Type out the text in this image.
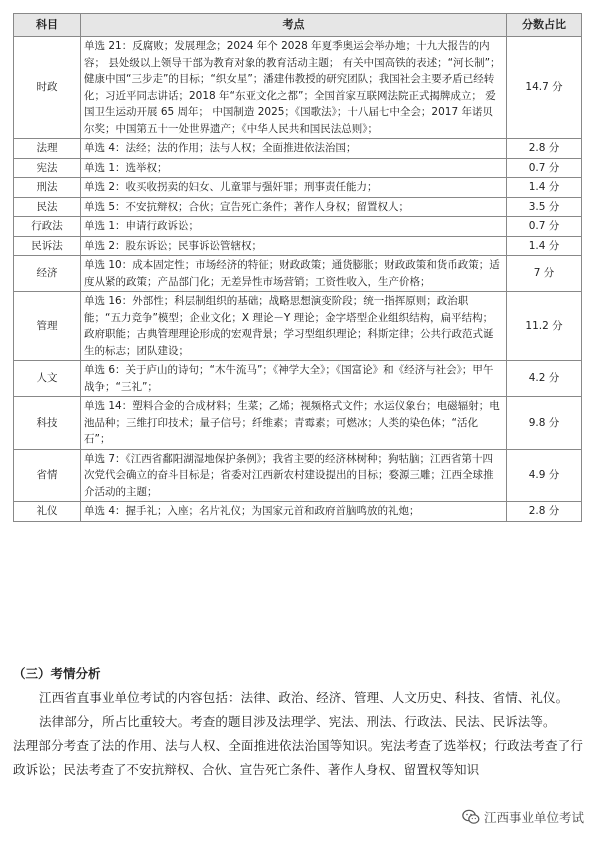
科目	考点	分数占比
时政	单选 21：反腐败；发展理念；2024 年个 2028 年夏季奥运会举办地；十九大报告的内容； 县处级以上领导干部为教育对象的教育活动主题； 有关中国高铁的表述；“河长制”；健康中国“三步走”的目标；“织女星”；潘建伟教授的研究团队；我国社会主要矛盾已经转化；习近平同志讲话；2018 年“东亚文化之都”；全国首家互联网法院正式揭牌成立； 爱国卫生运动开展 65 周年； 中国制造 2025；《国歌法》；十八届七中全会；2017 年诺贝尔奖；中国第五十一处世界遗产；《中华人民共和国民法总则》；	14.7 分
法理	单选 4：法经；法的作用；法与人权；全面推进依法治国；	2.8 分
宪法	单选 1：选举权；	0.7 分
刑法	单选 2：收买收拐卖的妇女、儿童罪与强奸罪；刑事责任能力；	1.4 分
民法	单选 5：不安抗辩权；合伙；宣告死亡条件；著作人身权；留置权人；	3.5 分
行政法	单选 1：申请行政诉讼；	0.7 分
民诉法	单选 2：股东诉讼；民事诉讼管辖权；	1.4 分
经济	单选 10：成本固定性；市场经济的特征；财政政策；通货膨胀；财政政策和货币政策；适度从紧的政策；产品部门化；无差异性市场营销；工资性收入，生产价格；	7 分
管理	单选 16：外部性；科层制组织的基础；战略思想演变阶段；统一指挥原则；政治职能；“五力竞争”模型；企业文化；X 理论－Y 理论；金字塔型企业组织结构，扁平结构；政府职能；古典管理理论形成的宏观背景；学习型组织理论；科斯定律；公共行政范式诞生的标志；团队建设；	11.2 分
人文	单选 6：关于庐山的诗句；“木牛流马”；《神学大全》；《国富论》和《经济与社会》；甲午战争；“三礼”；	4.2 分
科技	单选 14：塑料合金的合成材料；生菜；乙烯；视频格式文件；水运仪象台；电磁辐射；电池品种；三维打印技术；量子信号；纤维素；青霉素；可燃冰；人类的染色体；“活化石”；	9.8 分
省情	单选 7：《江西省鄱阳湖湿地保护条例》；我省主要的经济林树种；狗牯脑；江西省第十四次党代会确立的奋斗目标是；省委对江西新农村建设提出的目标；婺源三雕；江西全球推介活动的主题；	4.9 分
礼仪	单选 4：握手礼；入座；名片礼仪；为国家元首和政府首脑鸣放的礼炮；	2.8 分
（三）考情分析

江西省直事业单位考试的内容包括：法律、政治、经济、管理、人文历史、科技、省情、礼仪。

法律部分，所占比重较大。考查的题目涉及法理学、宪法、刑法、行政法、民法、民诉法等。

法理部分考查了法的作用、法与人权、全面推进依法治国等知识。宪法考查了选举权；行政法考查了行政诉讼；民法考查了不安抗辩权、合伙、宣告死亡条件、著作人身权、留置权等知识

江西事业单位考试
